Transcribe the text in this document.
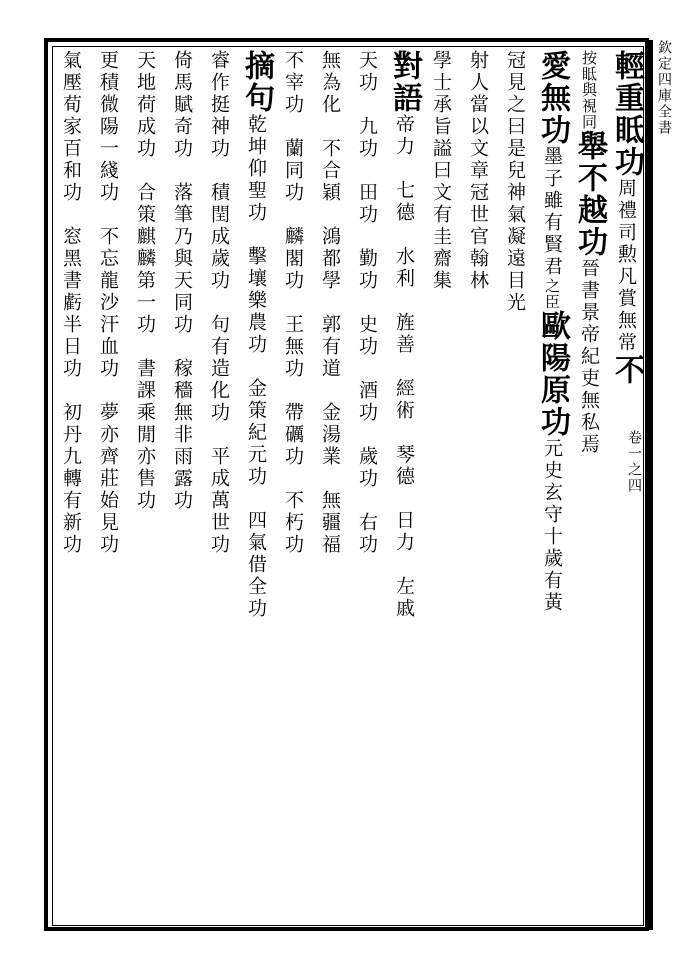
欽定四庫全書
卷一之四
輕重眡功周禮司勲凡賞無常不
按眡與視同舉不越功晉書景帝紀吏無私焉
愛無功墨子雖有賢君之臣歐陽原功元史玄守十歲有黃
冠見之曰是兒神氣凝遠目光
射人當以文章冠世官翰林
學士承旨謚曰文有圭齋集
對語帝力　七德　水利　旌善　經術　琴德　日力　左戚
天功　九功　田功　勤功　史功　酒功　歲功　右功
無為化　不合穎　鴻都學　郭有道　金湯業　無疆福
不宰功　蘭同功　麟閣功　王無功　帶礪功　不朽功
摘句乾坤仰聖功　擊壤樂農功　金策紀元功　四氣借全功
睿作挺神功　積閏成歲功　句有造化功　平成萬世功
倚馬賦奇功　落筆乃與天同功　稼穡無非雨露功
天地荷成功　合策麒麟第一功　書課乘閒亦售功
更積微陽一綫功　不忘龍沙汗血功　夢亦齊莊始見功
氣壓荀家百和功　窓黑書虧半日功　初丹九轉有新功
